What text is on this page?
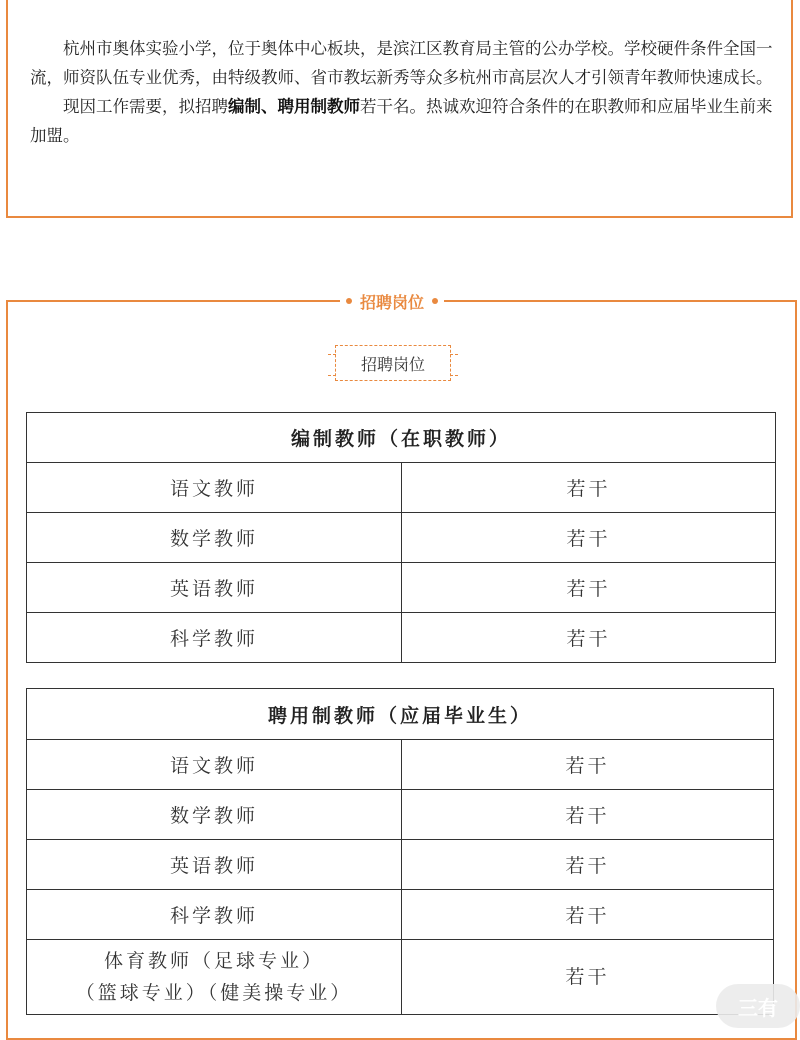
杭州市奥体实验小学，位于奥体中心板块，是滨江区教育局主管的公办学校。学校硬件条件全国一流，师资队伍专业优秀，由特级教师、省市教坛新秀等众多杭州市高层次人才引领青年教师快速成长。

现因工作需要，拟招聘编制、聘用制教师若干名。热诚欢迎符合条件的在职教师和应届毕业生前来加盟。

招聘岗位
招聘岗位
编制教师（在职教师）	
语文教师	若干
数学教师	若干
英语教师	若干
科学教师	若干
聘用制教师（应届毕业生）	
语文教师	若干
数学教师	若干
英语教师	若干
科学教师	若干
体育教师（足球专业）
（篮球专业）（健美操专业）	若干
三有
